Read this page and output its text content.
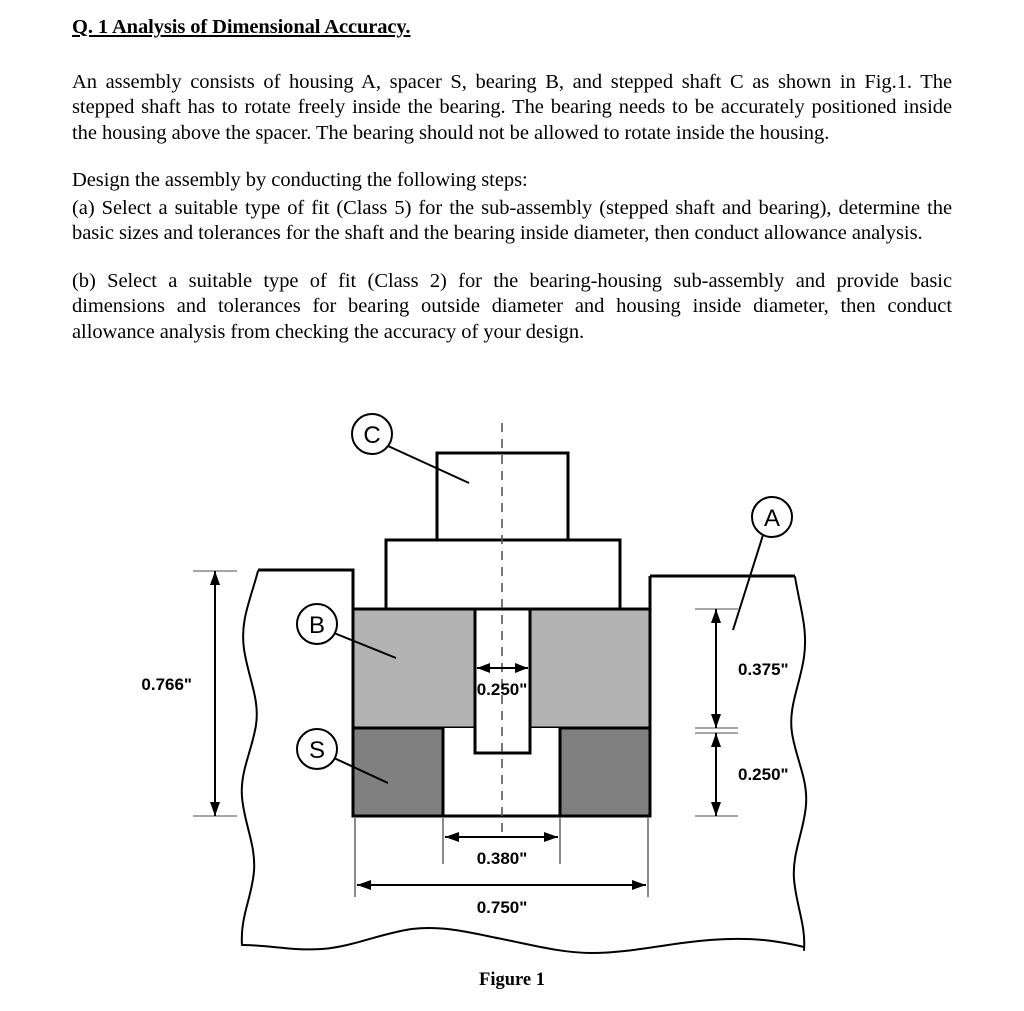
Q. 1 Analysis of Dimensional Accuracy.

An assembly consists of housing A, spacer S, bearing B, and stepped shaft C as shown in Fig.1. The stepped shaft has to rotate freely inside the bearing. The bearing needs to be accurately positioned inside the housing above the spacer. The bearing should not be allowed to rotate inside the housing.

Design the assembly by conducting the following steps:

(a) Select a suitable type of fit (Class 5) for the sub-assembly (stepped shaft and bearing), determine the basic sizes and tolerances for the shaft and the bearing inside diameter, then conduct allowance analysis.

(b) Select a suitable type of fit (Class 2) for the bearing-housing sub-assembly and provide basic dimensions and tolerances for bearing outside diameter and housing inside diameter, then conduct allowance analysis from checking the accuracy of your design.

C
A
B
S
0.766"	0.250"
0.375"
0.250"
0.380"
0.750"
Figure 1
